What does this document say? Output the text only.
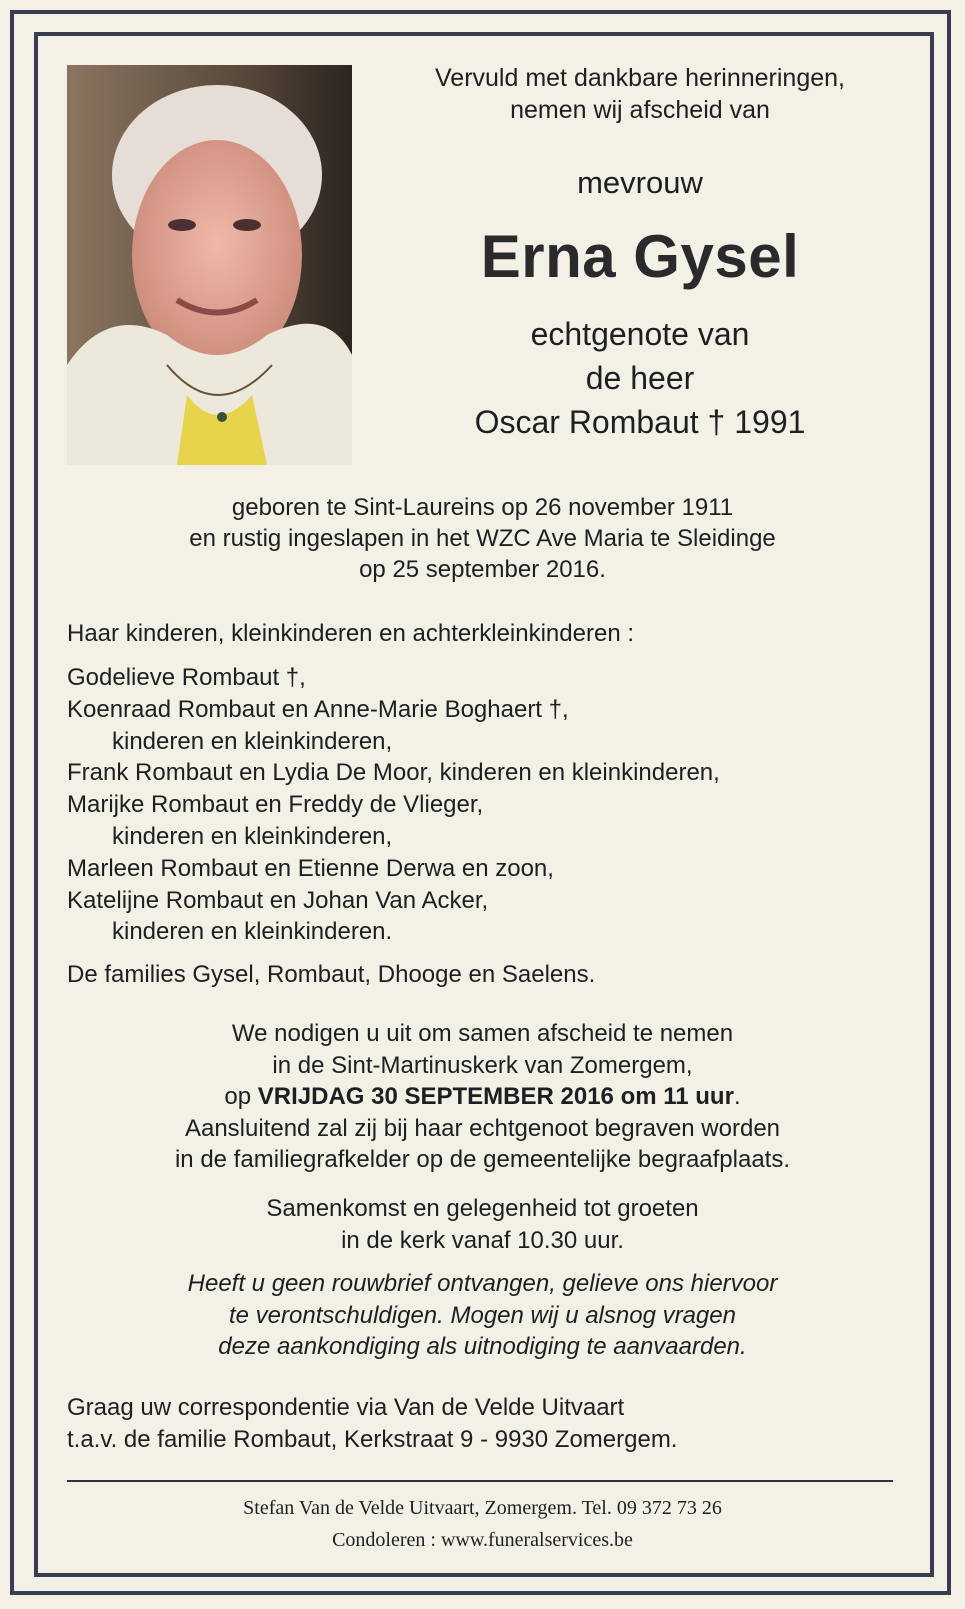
Vervuld met dankbare herinneringen,
nemen wij afscheid van
mevrouw
Erna Gysel
echtgenote van
de heer
Oscar Rombaut † 1991
geboren te Sint-Laureins op 26 november 1911
en rustig ingeslapen in het WZC Ave Maria te Sleidinge
op 25 september 2016.
Haar kinderen, kleinkinderen en achterkleinkinderen :
Godelieve Rombaut †,
Koenraad Rombaut en Anne-Marie Boghaert †,
kinderen en kleinkinderen,
Frank Rombaut en Lydia De Moor, kinderen en kleinkinderen,
Marijke Rombaut en Freddy de Vlieger,
kinderen en kleinkinderen,
Marleen Rombaut en Etienne Derwa en zoon,
Katelijne Rombaut en Johan Van Acker,
kinderen en kleinkinderen.
De families Gysel, Rombaut, Dhooge en Saelens.
We nodigen u uit om samen afscheid te nemen
in de Sint-Martinuskerk van Zomergem,
op VRIJDAG 30 SEPTEMBER 2016 om 11 uur.
Aansluitend zal zij bij haar echtgenoot begraven worden
in de familiegrafkelder op de gemeentelijke begraafplaats.
Samenkomst en gelegenheid tot groeten
in de kerk vanaf 10.30 uur.
Heeft u geen rouwbrief ontvangen, gelieve ons hiervoor
te verontschuldigen. Mogen wij u alsnog vragen
deze aankondiging als uitnodiging te aanvaarden.
Graag uw correspondentie via Van de Velde Uitvaart
t.a.v. de familie Rombaut, Kerkstraat 9 - 9930 Zomergem.
Stefan Van de Velde Uitvaart, Zomergem. Tel. 09 372 73 26
Condoleren : www.funeralservices.be
